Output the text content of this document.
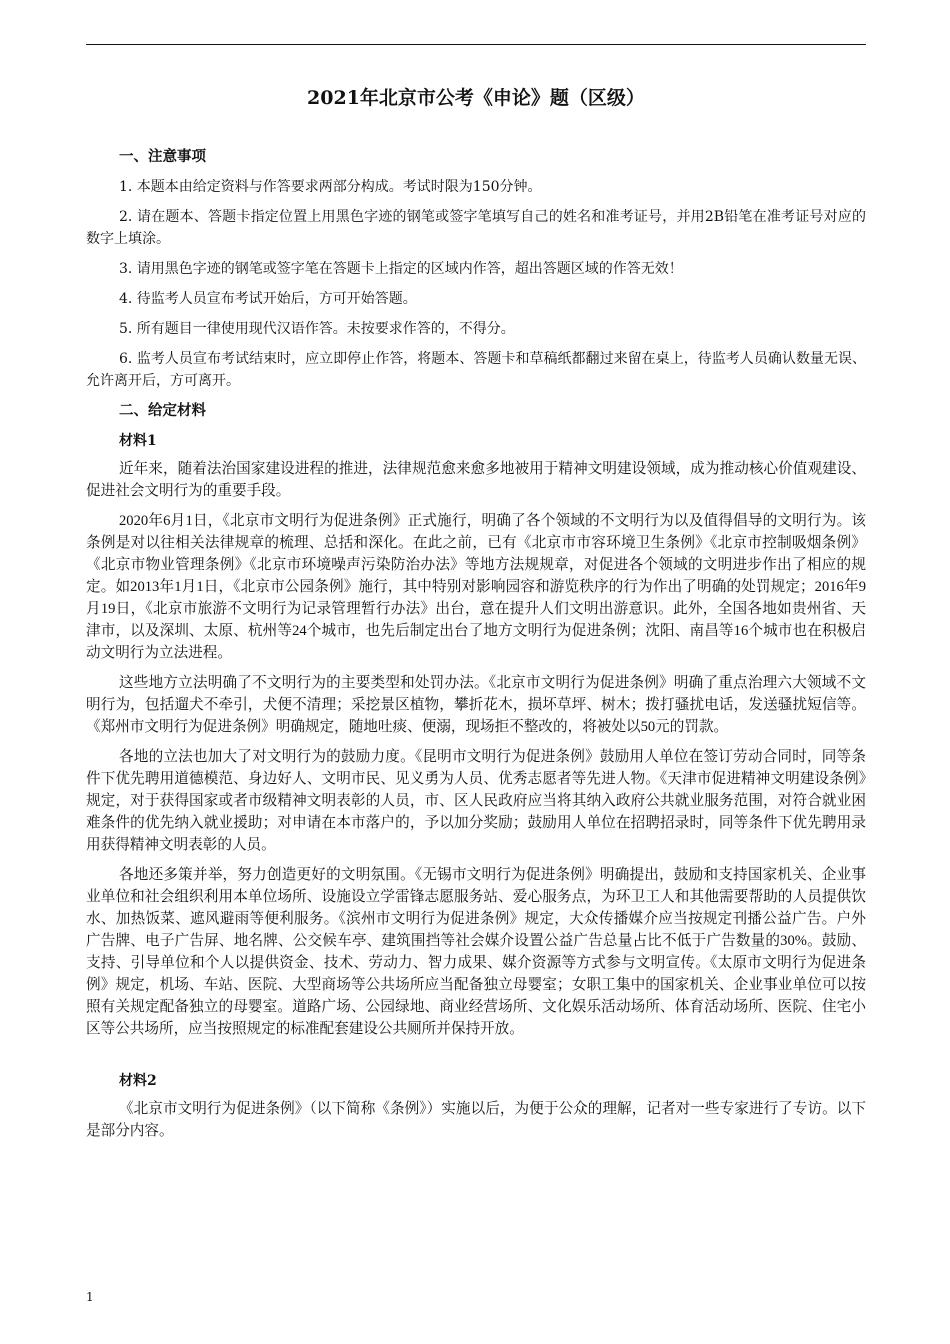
2021年北京市公考《申论》题（区级）
一、注意事项

1. 本题本由给定资料与作答要求两部分构成。考试时限为150分钟。

2. 请在题本、答题卡指定位置上用黑色字迹的钢笔或签字笔填写自己的姓名和准考证号，并用2B铅笔在准考证号对应的数字上填涂。

3. 请用黑色字迹的钢笔或签字笔在答题卡上指定的区域内作答，超出答题区域的作答无效！

4. 待监考人员宣布考试开始后，方可开始答题。

5. 所有题目一律使用现代汉语作答。未按要求作答的，不得分。

6. 监考人员宣布考试结束时，应立即停止作答，将题本、答题卡和草稿纸都翻过来留在桌上，待监考人员确认数量无误、允许离开后，方可离开。

二、给定材料
材料1

近年来，随着法治国家建设进程的推进，法律规范愈来愈多地被用于精神文明建设领域，成为推动核心价值观建设、促进社会文明行为的重要手段。

2020年6月1日，《北京市文明行为促进条例》正式施行，明确了各个领域的不文明行为以及值得倡导的文明行为。该条例是对以往相关法律规章的梳理、总括和深化。在此之前，已有《北京市市容环境卫生条例》《北京市控制吸烟条例》《北京市物业管理条例》《北京市环境噪声污染防治办法》等地方法规规章，对促进各个领域的文明进步作出了相应的规定。如2013年1月1日，《北京市公园条例》施行，其中特别对影响园容和游览秩序的行为作出了明确的处罚规定；2016年9月19日，《北京市旅游不文明行为记录管理暂行办法》出台，意在提升人们文明出游意识。此外，全国各地如贵州省、天津市，以及深圳、太原、杭州等24个城市，也先后制定出台了地方文明行为促进条例；沈阳、南昌等16个城市也在积极启动文明行为立法进程。

这些地方立法明确了不文明行为的主要类型和处罚办法。《北京市文明行为促进条例》明确了重点治理六大领域不文明行为，包括遛犬不牵引，犬便不清理；采挖景区植物，攀折花木，损坏草坪、树木；拨打骚扰电话，发送骚扰短信等。《郑州市文明行为促进条例》明确规定，随地吐痰、便溺，现场拒不整改的，将被处以50元的罚款。

各地的立法也加大了对文明行为的鼓励力度。《昆明市文明行为促进条例》鼓励用人单位在签订劳动合同时，同等条件下优先聘用道德模范、身边好人、文明市民、见义勇为人员、优秀志愿者等先进人物。《天津市促进精神文明建设条例》规定，对于获得国家或者市级精神文明表彰的人员，市、区人民政府应当将其纳入政府公共就业服务范围，对符合就业困难条件的优先纳入就业援助；对申请在本市落户的，予以加分奖励；鼓励用人单位在招聘招录时，同等条件下优先聘用录用获得精神文明表彰的人员。

各地还多策并举，努力创造更好的文明氛围。《无锡市文明行为促进条例》明确提出，鼓励和支持国家机关、企业事业单位和社会组织利用本单位场所、设施设立学雷锋志愿服务站、爱心服务点，为环卫工人和其他需要帮助的人员提供饮水、加热饭菜、遮风避雨等便利服务。《滨州市文明行为促进条例》规定，大众传播媒介应当按规定刊播公益广告。户外广告牌、电子广告屏、地名牌、公交候车亭、建筑围挡等社会媒介设置公益广告总量占比不低于广告数量的30%。鼓励、支持、引导单位和个人以提供资金、技术、劳动力、智力成果、媒介资源等方式参与文明宣传。《太原市文明行为促进条例》规定，机场、车站、医院、大型商场等公共场所应当配备独立母婴室；女职工集中的国家机关、企业事业单位可以按照有关规定配备独立的母婴室。道路广场、公园绿地、商业经营场所、文化娱乐活动场所、体育活动场所、医院、住宅小区等公共场所，应当按照规定的标准配套建设公共厕所并保持开放。

材料2

《北京市文明行为促进条例》（以下简称《条例》）实施以后，为便于公众的理解，记者对一些专家进行了专访。以下是部分内容。

1
